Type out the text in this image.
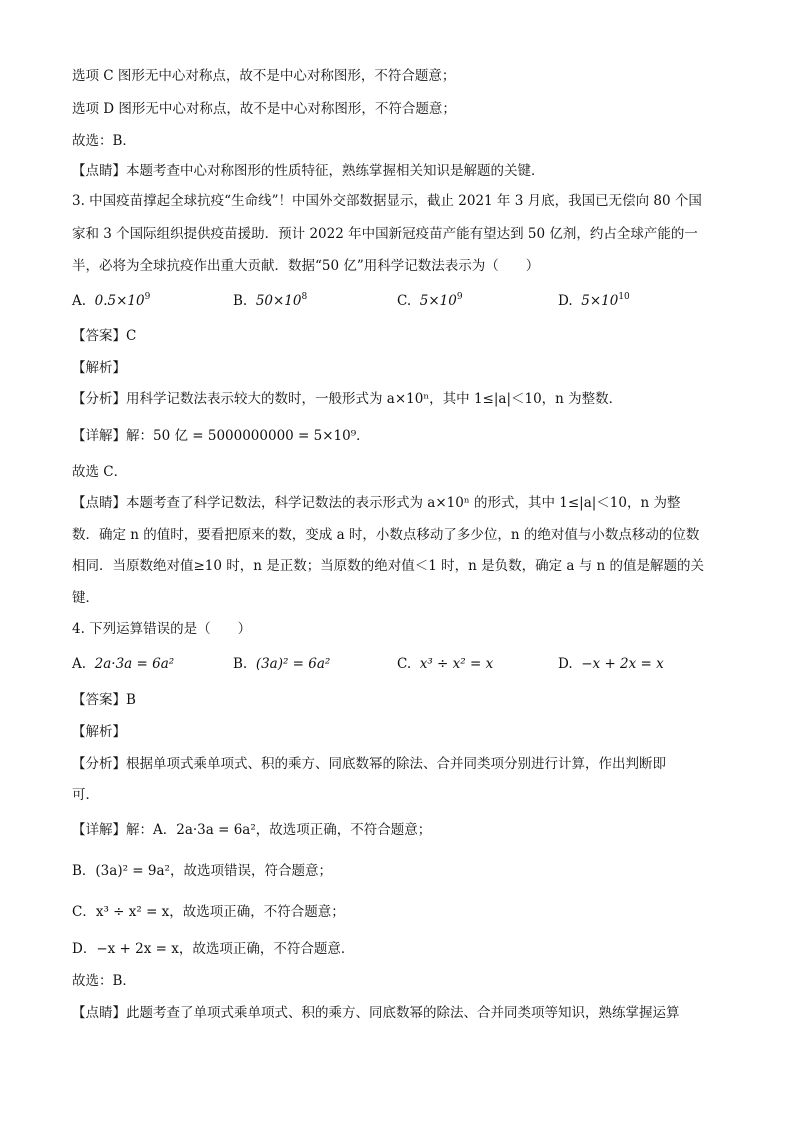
选项 C 图形无中心对称点，故不是中心对称图形，不符合题意；
选项 D 图形无中心对称点，故不是中心对称图形，不符合题意；
故选：B．
【点睛】本题考查中心对称图形的性质特征，熟练掌握相关知识是解题的关键．
3. 中国疫苗撑起全球抗疫“生命线”！中国外交部数据显示，截止 2021 年 3 月底，我国已无偿向 80 个国
家和 3 个国际组织提供疫苗援助．预计 2022 年中国新冠疫苗产能有望达到 50 亿剂，约占全球产能的一
半，必将为全球抗疫作出重大贡献．数据“50 亿”用科学记数法表示为（　　）
A. $0.5\times 10^9$	B. $50\times 10^8$	C. $5\times 10^9$	D. $5\times 10^{10}$
【答案】C
【解析】
【分析】用科学记数法表示较大的数时，一般形式为 a×10ⁿ，其中 1≤|a|＜10，n 为整数．
【详解】解：50 亿 = 5000000000 = 5×10⁹．
故选 C．
【点睛】本题考查了科学记数法，科学记数法的表示形式为 a×10ⁿ 的形式，其中 1≤|a|＜10，n 为整
数．确定 n 的值时，要看把原来的数，变成 a 时，小数点移动了多少位，n 的绝对值与小数点移动的位数
相同．当原数绝对值≥10 时，n 是正数；当原数的绝对值＜1 时，n 是负数，确定 a 与 n 的值是解题的关
键．
4. 下列运算错误的是（　　）
A. 2a·3a = 6a²	B. (3a)² = 6a²	C. x³ ÷ x² = x	D. −x + 2x = x
【答案】B
【解析】
【分析】根据单项式乘单项式、积的乘方、同底数幂的除法、合并同类项分别进行计算，作出判断即
可．
【详解】解：A．2a·3a = 6a²，故选项正确，不符合题意；
B．(3a)² = 9a²，故选项错误，符合题意；
C．x³ ÷ x² = x，故选项正确，不符合题意；
D．−x + 2x = x，故选项正确，不符合题意．
故选：B．
【点睛】此题考查了单项式乘单项式、积的乘方、同底数幂的除法、合并同类项等知识，熟练掌握运算
